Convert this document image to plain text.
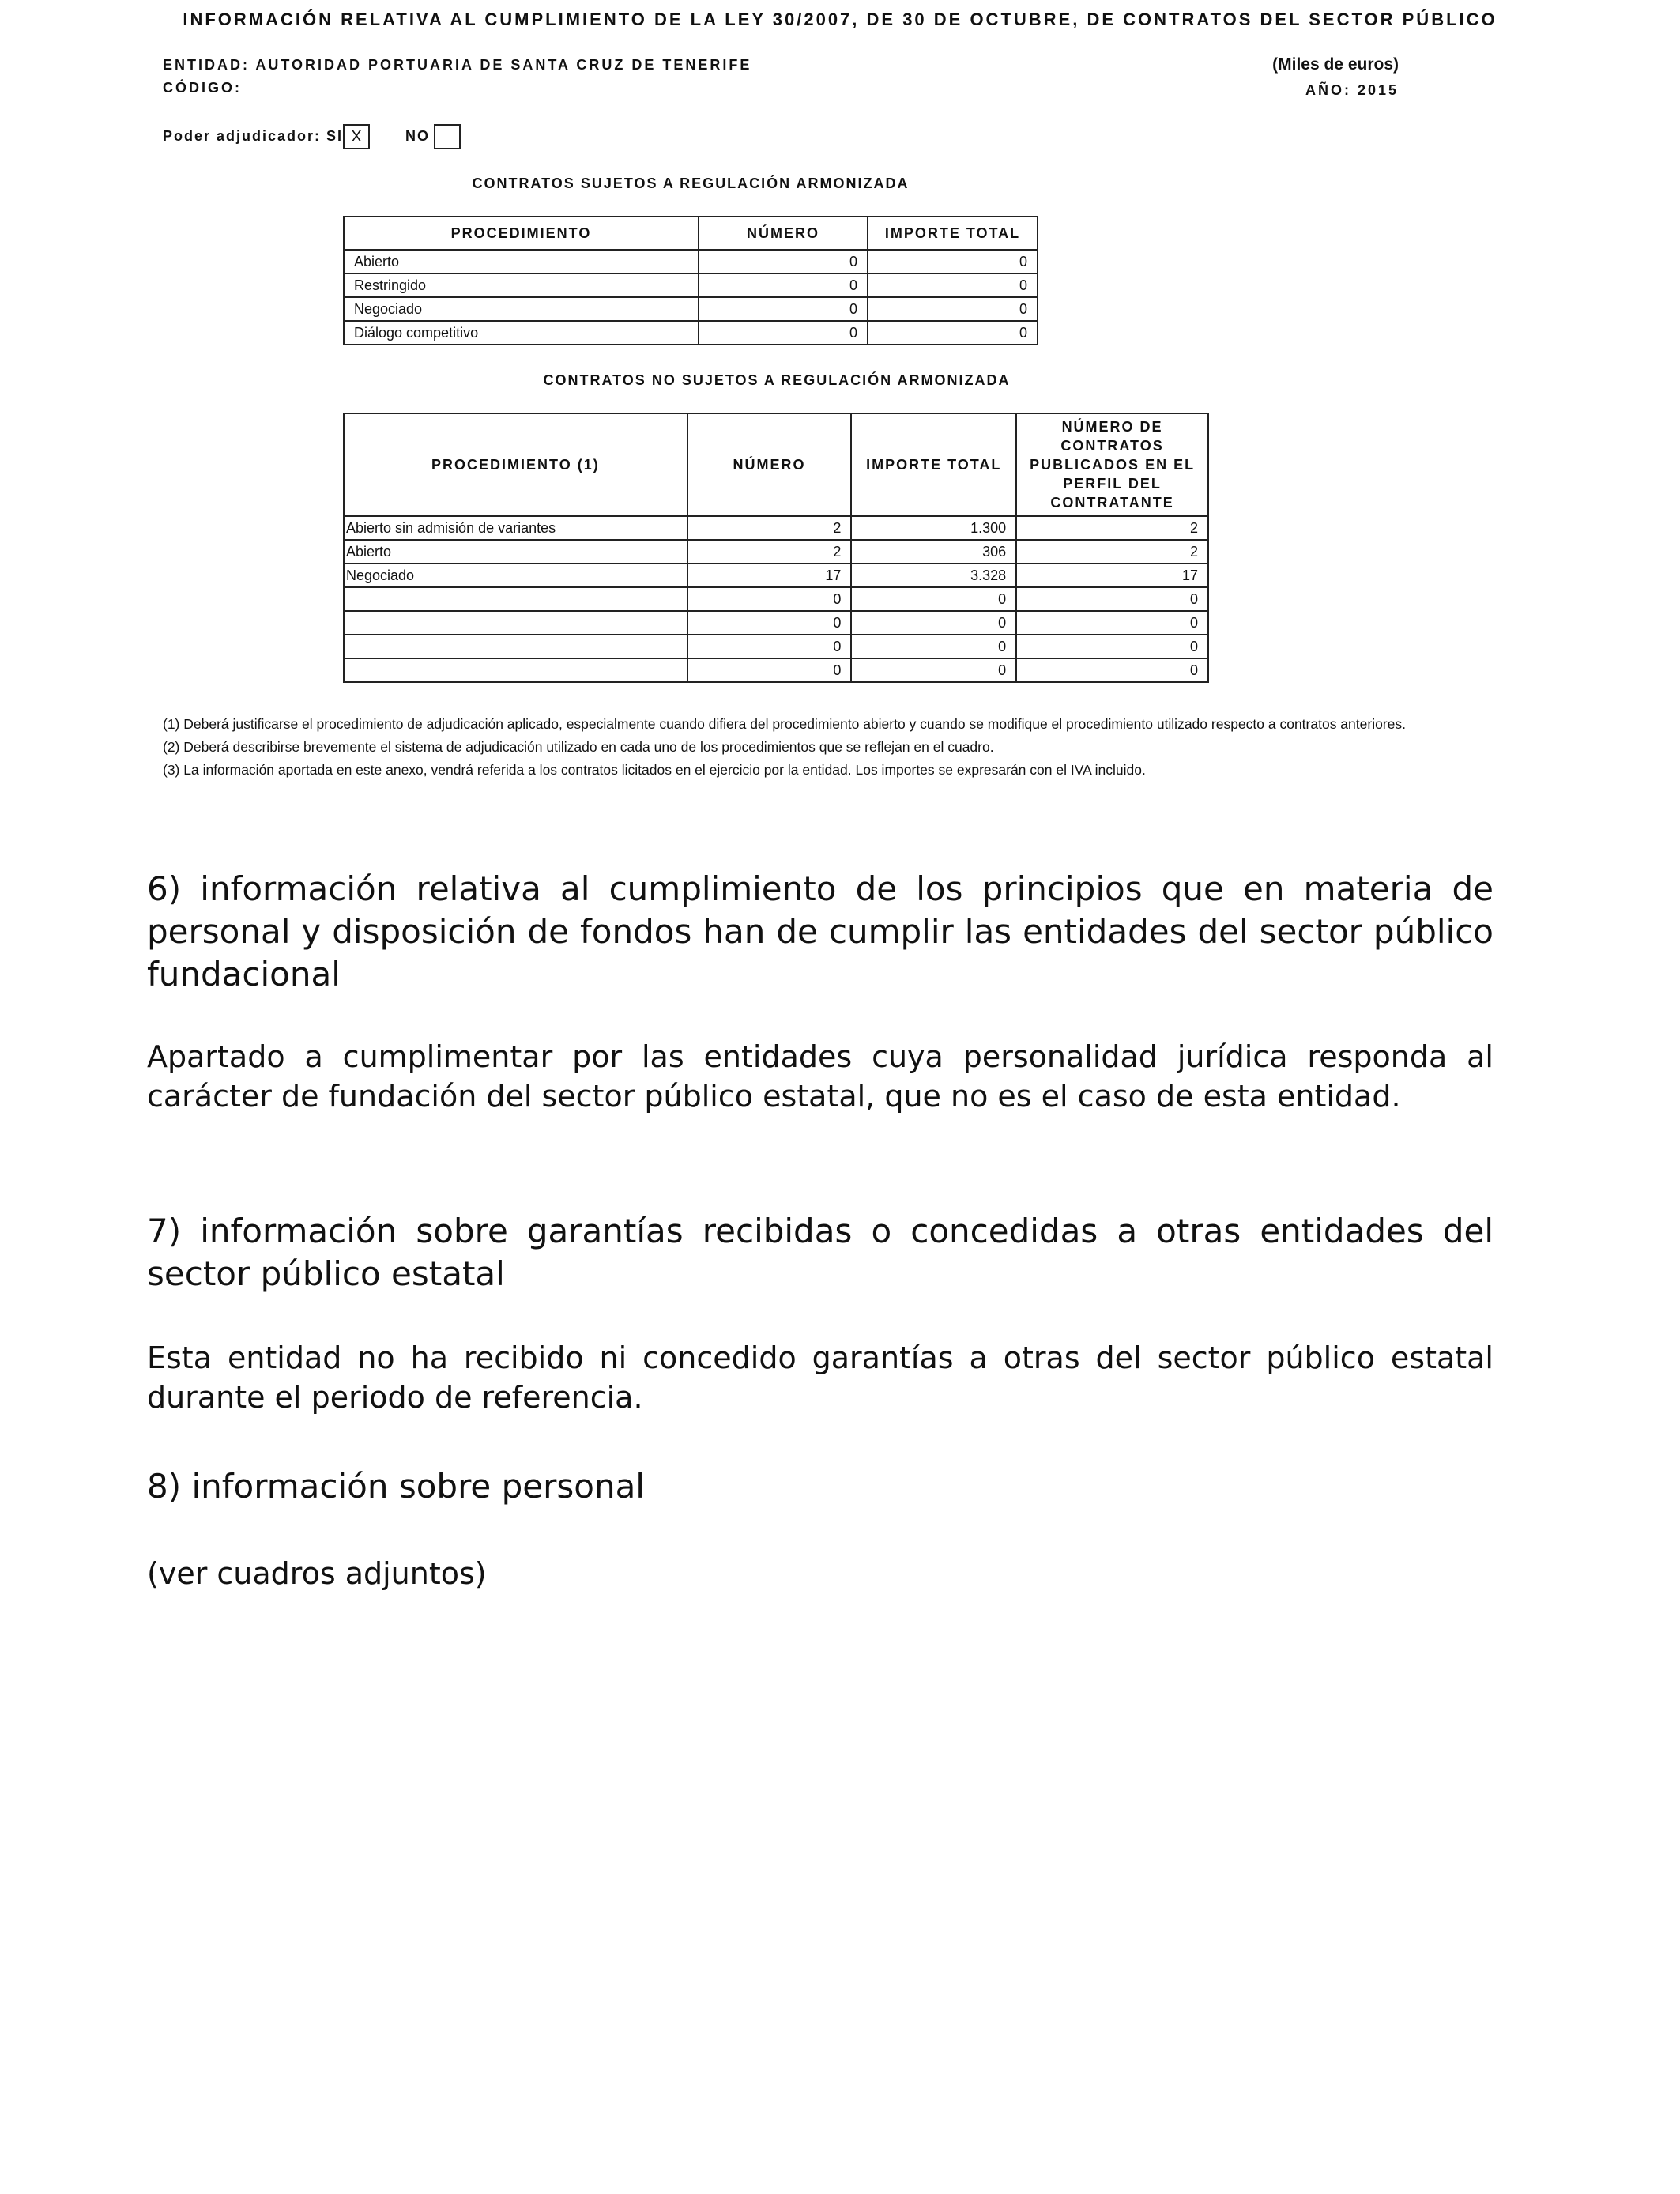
INFORMACIÓN RELATIVA AL CUMPLIMIENTO DE LA LEY 30/2007, DE 30 DE OCTUBRE, DE CONTRATOS DEL SECTOR PÚBLICO
ENTIDAD: AUTORIDAD PORTUARIA DE SANTA CRUZ DE TENERIFE
CÓDIGO:
(Miles de euros)
AÑO: 2015
Poder adjudicador: SI X	NO
CONTRATOS SUJETOS A REGULACIÓN ARMONIZADA
PROCEDIMIENTO	NÚMERO	IMPORTE TOTAL
Abierto	0	0
Restringido	0	0
Negociado	0	0
Diálogo competitivo	0	0
CONTRATOS NO SUJETOS A REGULACIÓN ARMONIZADA
PROCEDIMIENTO (1)	NÚMERO	IMPORTE TOTAL	NÚMERO DE CONTRATOS PUBLICADOS EN EL PERFIL DEL CONTRATANTE
Abierto sin admisión de variantes	2	1.300	2
Abierto	2	306	2
Negociado	17	3.328	17
	0	0	0
	0	0	0
	0	0	0
	0	0	0
(1) Deberá justificarse el procedimiento de adjudicación aplicado, especialmente cuando difiera del procedimiento abierto y cuando se modifique el procedimiento utilizado respecto a contratos anteriores.
(2) Deberá describirse brevemente el sistema de adjudicación utilizado en cada uno de los procedimientos que se reflejan en el cuadro.
(3) La información aportada en este anexo, vendrá referida a los contratos licitados en el ejercicio por la entidad. Los importes se expresarán con el IVA incluido.
6) información relativa al cumplimiento de los principios que en materia de personal y disposición de fondos han de cumplir las entidades del sector público fundacional
Apartado a cumplimentar por las entidades cuya personalidad jurídica responda al carácter de fundación del sector público estatal, que no es el caso de esta entidad.
7) información sobre garantías recibidas o concedidas a otras entidades del sector público estatal
Esta entidad no ha recibido ni concedido garantías a otras del sector público estatal durante el periodo de referencia.
8) información sobre personal
(ver cuadros adjuntos)
